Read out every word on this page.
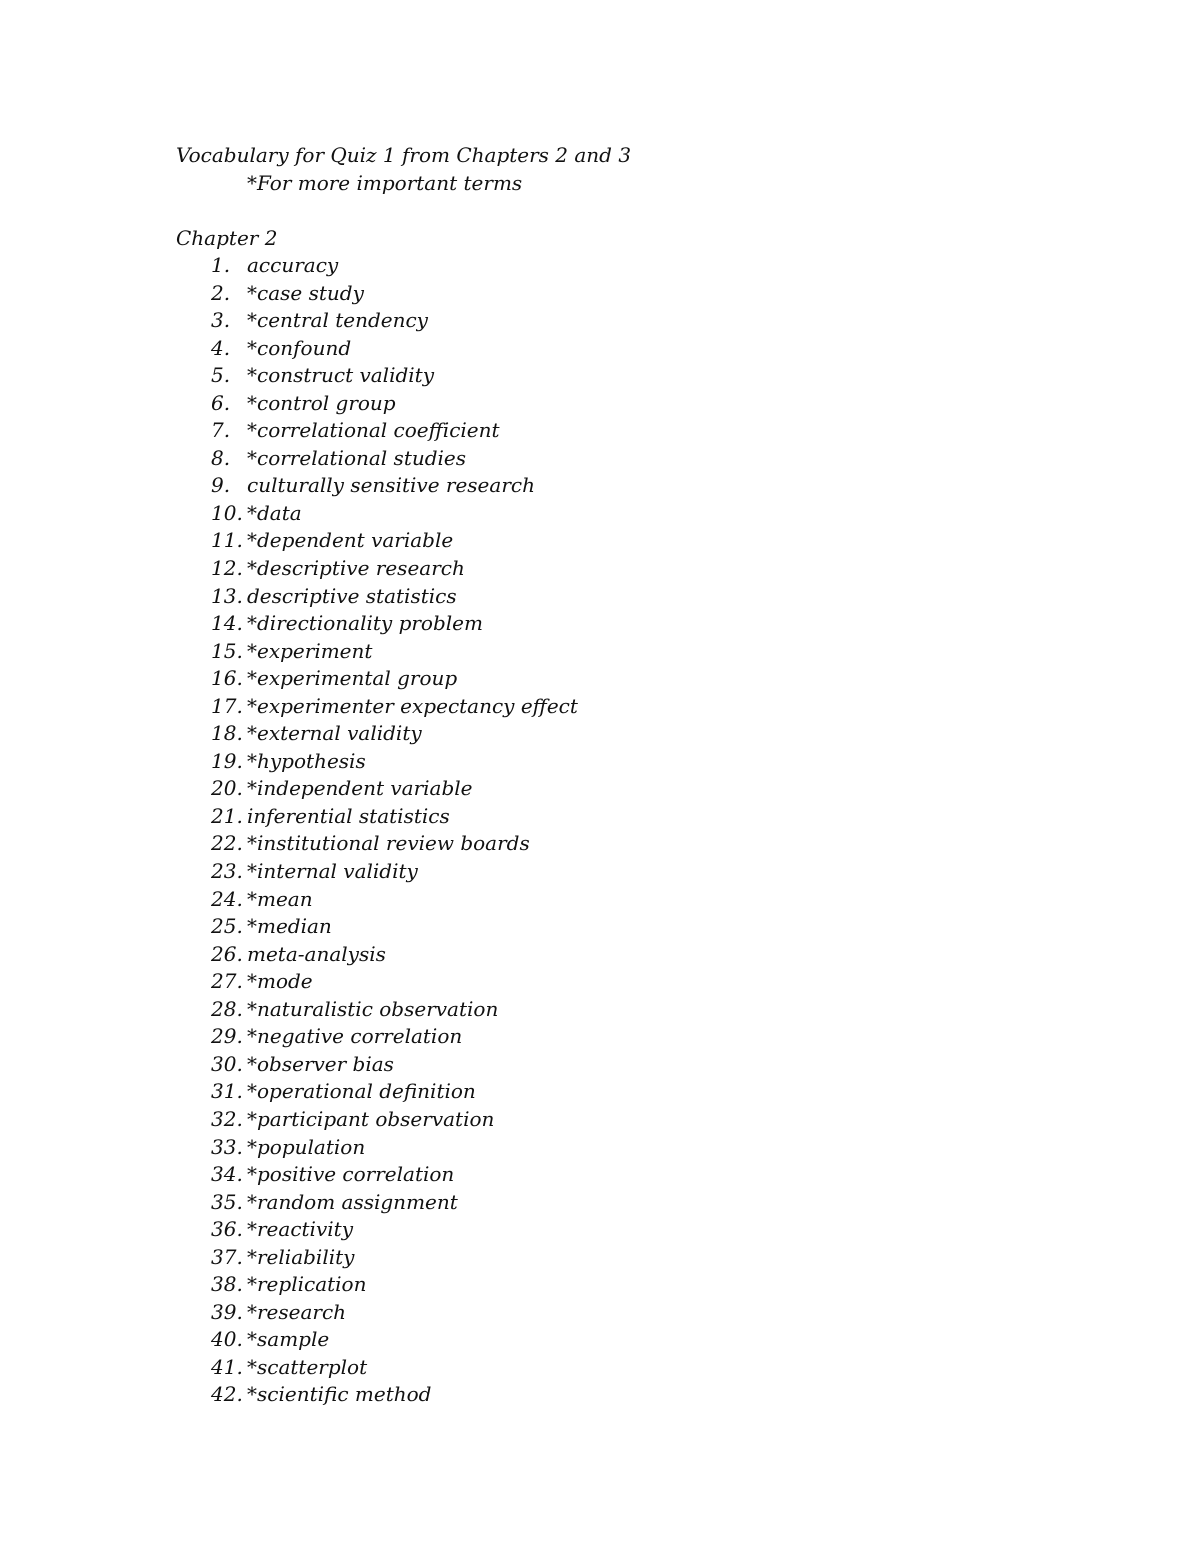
Vocabulary for Quiz 1 from Chapters 2 and 3
*For more important terms
Chapter 2
1. accuracy
2. *case study
3. *central tendency
4. *confound
5. *construct validity
6. *control group
7. *correlational coefficient
8. *correlational studies
9. culturally sensitive research
10. *data
11. *dependent variable
12. *descriptive research
13. descriptive statistics
14. *directionality problem
15. *experiment
16. *experimental group
17. *experimenter expectancy effect
18. *external validity
19. *hypothesis
20. *independent variable
21. inferential statistics
22. *institutional review boards
23. *internal validity
24. *mean
25. *median
26. meta-analysis
27. *mode
28. *naturalistic observation
29. *negative correlation
30. *observer bias
31. *operational definition
32. *participant observation
33. *population
34. *positive correlation
35. *random assignment
36. *reactivity
37. *reliability
38. *replication
39. *research
40. *sample
41. *scatterplot
42. *scientific method
